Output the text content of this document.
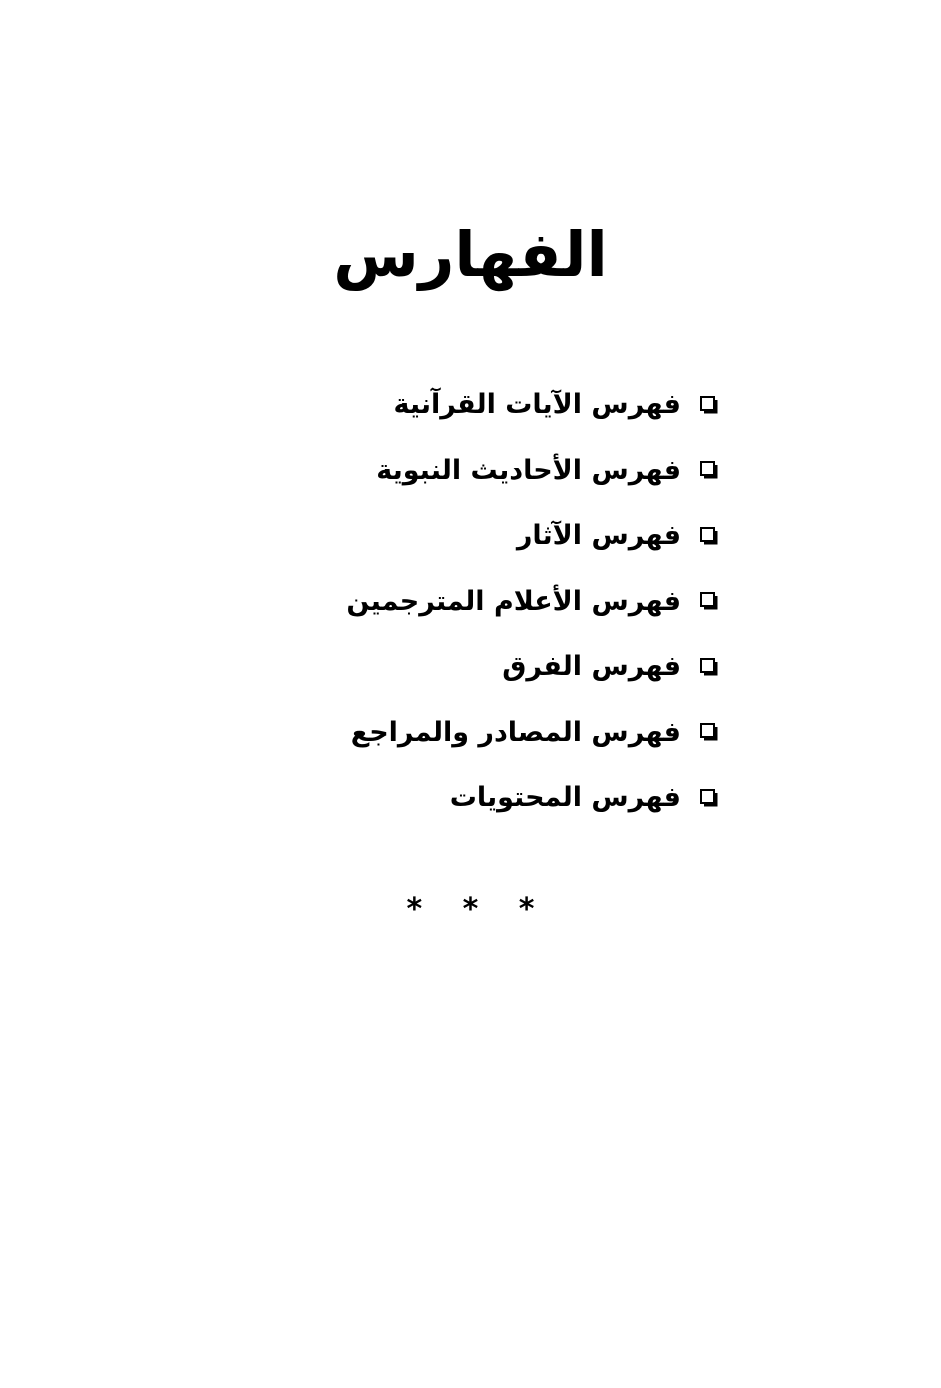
الفهارس
فهرس الآيات القرآنية
فهرس الأحاديث النبوية
فهرس الآثار
فهرس الأعلام المترجمين
فهرس الفرق
فهرس المصادر والمراجع
فهرس المحتويات
* * *
